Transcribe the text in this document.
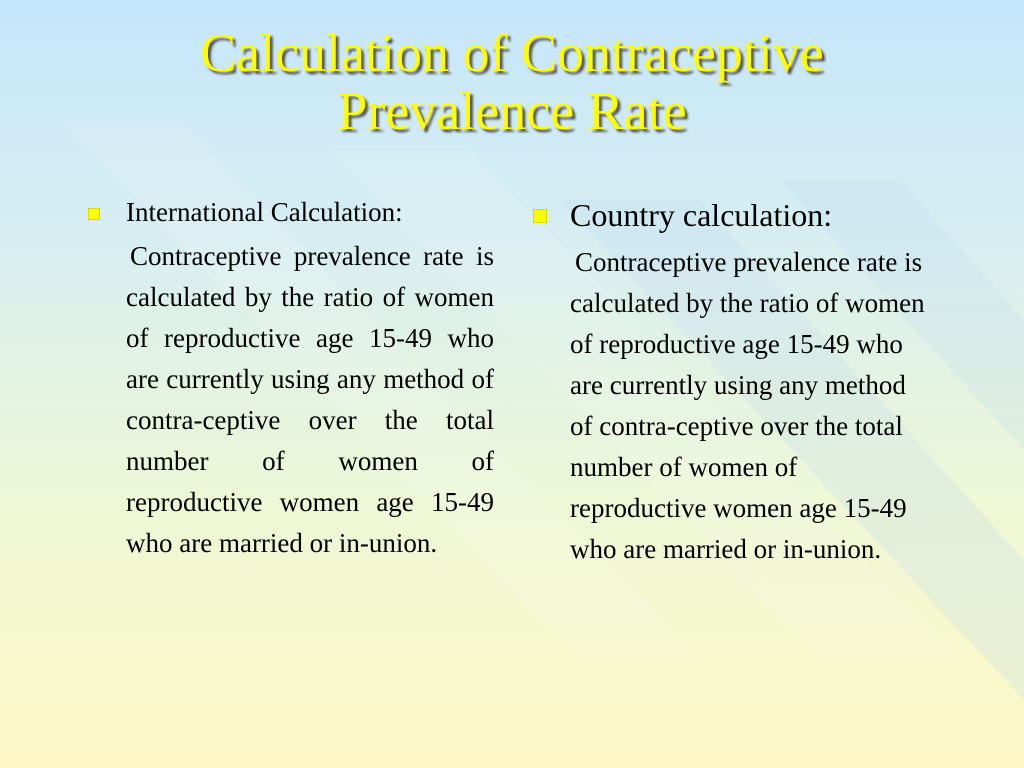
Calculation of Contraceptive
Prevalence Rate
International Calculation:

Contraceptive prevalence rate is calculated by the ratio of women of reproductive age 15-49 who are currently using any method of contra-ceptive over the total number of women of reproductive women age 15-49 who are married or in-union.

Country calculation:

Contraceptive prevalence rate is calculated by the ratio of women of reproductive age 15-49 who are currently using any method of contra-ceptive over the total number of women of reproductive women age 15-49 who are married or in-union.
